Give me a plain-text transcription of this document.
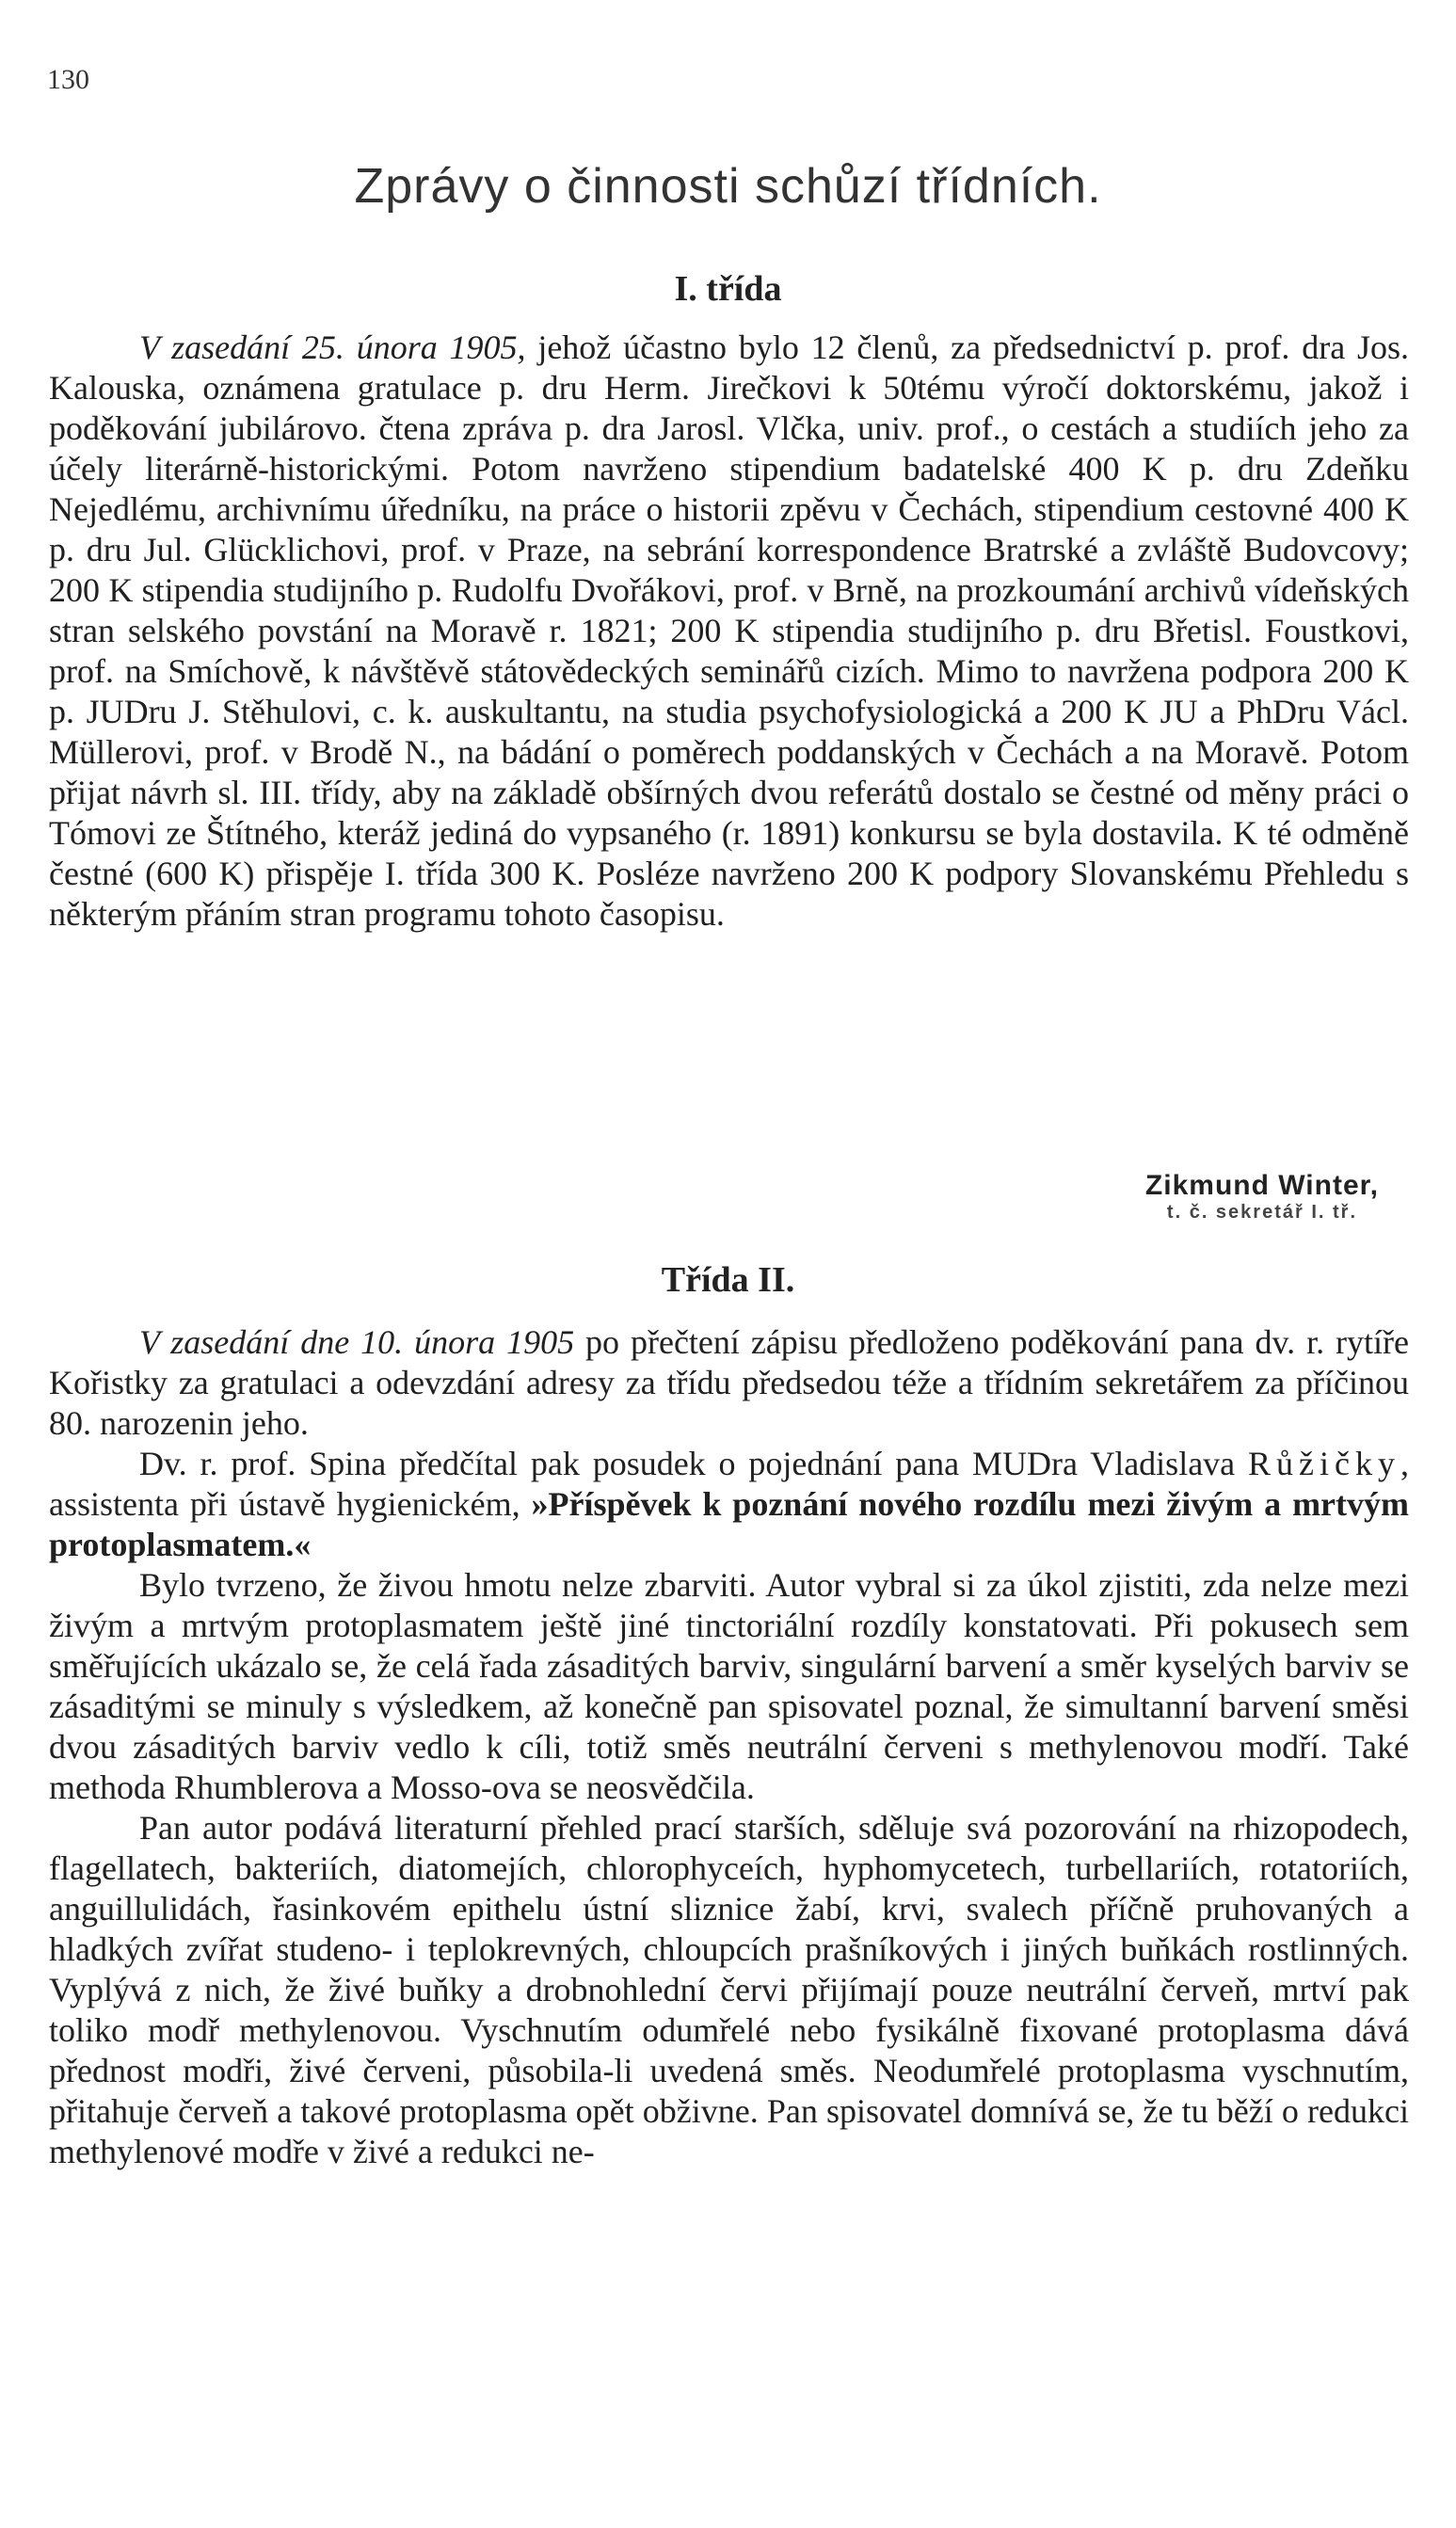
130
Zprávy o činnosti schůzí třídních.
I. třída

V zasedání 25. února 1905, jehož účastno bylo 12 členů, za předsednictví p. prof. dra Jos. Kalouska, oznámena gratulace p. dru Herm. Jirečkovi k 50tému výročí doktorskému, jakož i poděkování jubilárovo. čtena zpráva p. dra Jarosl. Vlčka, univ. prof., o cestách a studiích jeho za účely literárně-historickými. Potom navrženo stipendium badatelské 400 K p. dru Zdeňku Nejedlému, archivnímu úředníku, na práce o historii zpěvu v Čechách, stipendium cestovné 400 K p. dru Jul. Glücklichovi, prof. v Praze, na sebrání korrespondence Bratrské a zvláště Budovcovy; 200 K stipendia studijního p. Rudolfu Dvořákovi, prof. v Brně, na prozkoumání archivů vídeňských stran selského povstání na Moravě r. 1821; 200 K stipendia studijního p. dru Břetisl. Foustkovi, prof. na Smíchově, k návštěvě státovědeckých seminářů cizích. Mimo to navržena podpora 200 K p. JUDru J. Stěhulovi, c. k. auskultantu, na studia psychofysiologická a 200 K JU a PhDru Václ. Müllerovi, prof. v Brodě N., na bádání o poměrech poddanských v Čechách a na Moravě. Potom přijat návrh sl. III. třídy, aby na základě obšírných dvou referátů dostalo se čestné od měny práci o Tómovi ze Štítného, kteráž jediná do vypsaného (r. 1891) konkursu se byla dostavila. K té odměně čestné (600 K) přispěje I. třída 300 K. Posléze navrženo 200 K podpory Slovanskému Přehledu s některým přáním stran programu tohoto časopisu.

Zikmund Winter,
t. č. sekretář I. tř.
Třída II.

V zasedání dne 10. února 1905 po přečtení zápisu předloženo poděkování pana dv. r. rytíře Kořistky za gratulaci a odevzdání adresy za třídu předsedou téže a třídním sekretářem za příčinou 80. narozenin jeho.

Dv. r. prof. Spina předčítal pak posudek o pojednání pana MUDra Vladislava Růžičky, assistenta při ústavě hygienickém, »Příspěvek k poznání nového rozdílu mezi živým a mrtvým protoplasmatem.«

Bylo tvrzeno, že živou hmotu nelze zbarviti. Autor vybral si za úkol zjistiti, zda nelze mezi živým a mrtvým protoplasmatem ještě jiné tinctoriální rozdíly konstatovati. Při pokusech sem směřujících ukázalo se, že celá řada zásaditých barviv, singulární barvení a směr kyselých barviv se zásaditými se minuly s výsledkem, až konečně pan spisovatel poznal, že simultanní barvení směsi dvou zásaditých barviv vedlo k cíli, totiž směs neutrální červeni s methylenovou modří. Také methoda Rhumblerova a Mosso-ova se neosvědčila.

Pan autor podává literaturní přehled prací starších, sděluje svá pozorování na rhizopodech, flagellatech, bakteriích, diatomejích, chlorophyceích, hyphomycetech, turbellariích, rotatoriích, anguillulidách, řasinkovém epithelu ústní sliznice žabí, krvi, svalech příčně pruhovaných a hladkých zvířat studeno- i teplokrevných, chloupcích prašníkových i jiných buňkách rostlinných. Vyplývá z nich, že živé buňky a drobnohlední červi přijímají pouze neutrální červeň, mrtví pak toliko modř methylenovou. Vyschnutím odumřelé nebo fysikálně fixované protoplasma dává přednost modři, živé červeni, působila-li uvedená směs. Neodumřelé protoplasma vyschnutím, přitahuje červeň a takové protoplasma opět obživne. Pan spisovatel domnívá se, že tu běží o redukci methylenové modře v živé a redukci ne-
